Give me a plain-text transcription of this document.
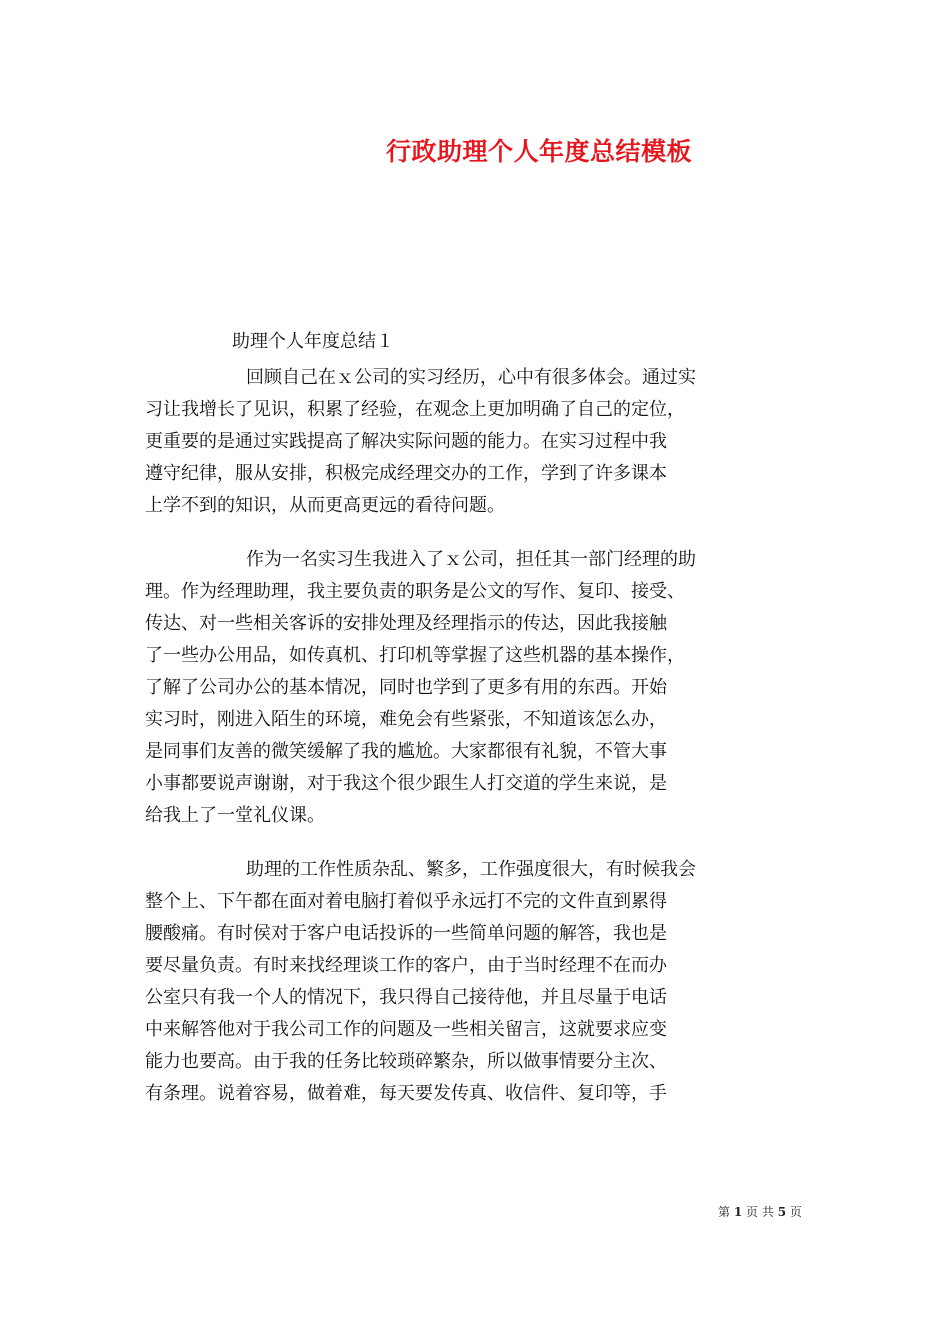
行政助理个人年度总结模板
助理个人年度总结１
回顾自己在ｘ公司的实习经历，心中有很多体会。通过实
习让我增长了见识，积累了经验，在观念上更加明确了自己的定位，
更重要的是通过实践提高了解决实际问题的能力。在实习过程中我
遵守纪律，服从安排，积极完成经理交办的工作，学到了许多课本
上学不到的知识，从而更高更远的看待问题。
作为一名实习生我进入了ｘ公司，担任其一部门经理的助
理。作为经理助理，我主要负责的职务是公文的写作、复印、接受、
传达、对一些相关客诉的安排处理及经理指示的传达，因此我接触
了一些办公用品，如传真机、打印机等掌握了这些机器的基本操作，
了解了公司办公的基本情况，同时也学到了更多有用的东西。开始
实习时，刚进入陌生的环境，难免会有些紧张，不知道该怎么办，
是同事们友善的微笑缓解了我的尴尬。大家都很有礼貌，不管大事
小事都要说声谢谢，对于我这个很少跟生人打交道的学生来说，是
给我上了一堂礼仪课。
助理的工作性质杂乱、繁多，工作强度很大，有时候我会
整个上、下午都在面对着电脑打着似乎永远打不完的文件直到累得
腰酸痛。有时侯对于客户电话投诉的一些简单问题的解答，我也是
要尽量负责。有时来找经理谈工作的客户，由于当时经理不在而办
公室只有我一个人的情况下，我只得自己接待他，并且尽量于电话
中来解答他对于我公司工作的问题及一些相关留言，这就要求应变
能力也要高。由于我的任务比较琐碎繁杂，所以做事情要分主次、
有条理。说着容易，做着难，每天要发传真、收信件、复印等，手
第 1 页 共 5 页
